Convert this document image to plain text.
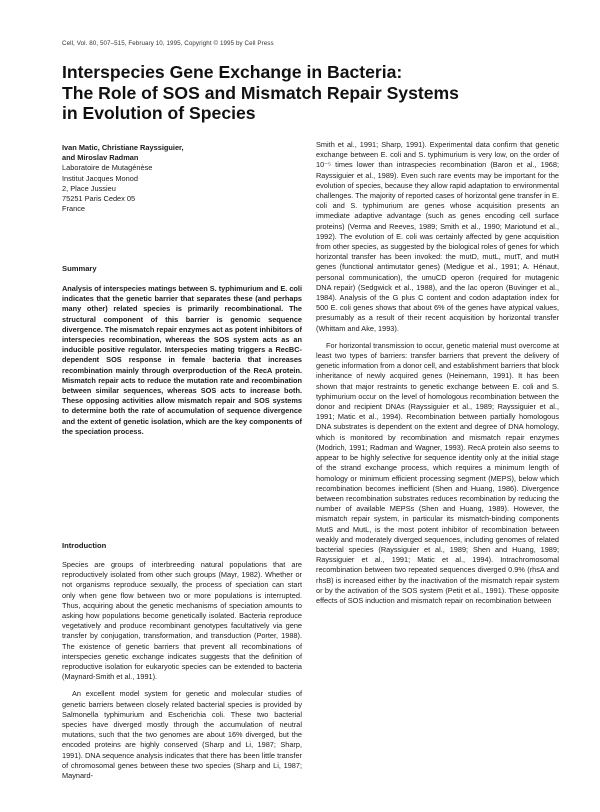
Cell, Vol. 80, 507–515, February 10, 1995, Copyright © 1995 by Cell Press
Interspecies Gene Exchange in Bacteria:
The Role of SOS and Mismatch Repair Systems
in Evolution of Species
Ivan Matic, Christiane Rayssiguier,
and Miroslav Radman
Laboratoire de Mutagénèse
Institut Jacques Monod
2, Place Jussieu
75251 Paris Cedex 05
France
Summary

Analysis of interspecies matings between S. typhimurium and E. coli indicates that the genetic barrier that separates these (and perhaps many other) related species is primarily recombinational. The structural component of this barrier is genomic sequence divergence. The mismatch repair enzymes act as potent inhibitors of interspecies recombination, whereas the SOS system acts as an inducible positive regulator. Interspecies mating triggers a RecBC-dependent SOS response in female bacteria that increases recombination mainly through overproduction of the RecA protein. Mismatch repair acts to reduce the mutation rate and recombination between similar sequences, whereas SOS acts to increase both. These opposing activities allow mismatch repair and SOS systems to determine both the rate of accumulation of sequence divergence and the extent of genetic isolation, which are the key components of the speciation process.

Introduction

Species are groups of interbreeding natural populations that are reproductively isolated from other such groups (Mayr, 1982). Whether or not organisms reproduce sexually, the process of speciation can start only when gene flow between two or more populations is interrupted. Thus, acquiring about the genetic mechanisms of speciation amounts to asking how populations become genetically isolated. Bacteria reproduce vegetatively and produce recombinant genotypes facultatively via gene transfer by conjugation, transformation, and transduction (Porter, 1988). The existence of genetic barriers that prevent all recombinations of interspecies genetic exchange indicates suggests that the definition of reproductive isolation for eukaryotic species can be extended to bacteria (Maynard-Smith et al., 1991).

An excellent model system for genetic and molecular studies of genetic barriers between closely related bacterial species is provided by Salmonella typhimurium and Escherichia coli. These two bacterial species have diverged mostly through the accumulation of neutral mutations, such that the two genomes are about 16% diverged, but the encoded proteins are highly conserved (Sharp and Li, 1987; Sharp, 1991). DNA sequence analysis indicates that there has been little transfer of chromosomal genes between these two species (Sharp and Li, 1987; Maynard-

Smith et al., 1991; Sharp, 1991). Experimental data confirm that genetic exchange between E. coli and S. typhimurium is very low, on the order of 10⁻⁵ times lower than intraspecies recombination (Baron et al., 1968; Rayssiguier et al., 1989). Even such rare events may be important for the evolution of species, because they allow rapid adaptation to environmental challenges. The majority of reported cases of horizontal gene transfer in E. coli and S. typhimurium are genes whose acquisition presents an immediate adaptive advantage (such as genes encoding cell surface proteins) (Verma and Reeves, 1989; Smith et al., 1990; Mariotund et al., 1992). The evolution of E. coli was certainly affected by gene acquisition from other species, as suggested by the biological roles of genes for which horizontal transfer has been invoked: the mutD, mutL, mutT, and mutH genes (functional antimutator genes) (Medigue et al., 1991; A. Hénaut, personal communication), the umuCD operon (required for mutagenic DNA repair) (Sedgwick et al., 1988), and the lac operon (Buvinger et al., 1984). Analysis of the G plus C content and codon adaptation index for 500 E. coli genes shows that about 6% of the genes have atypical values, presumably as a result of their recent acquisition by horizontal transfer (Whittam and Ake, 1993).

For horizontal transmission to occur, genetic material must overcome at least two types of barriers: transfer barriers that prevent the delivery of genetic information from a donor cell, and establishment barriers that block inheritance of newly acquired genes (Heinemann, 1991). It has been shown that major restraints to genetic exchange between E. coli and S. typhimurium occur on the level of homologous recombination between the donor and recipient DNAs (Rayssiguier et al., 1989; Rayssiguier et al., 1991; Matic et al., 1994). Recombination between partially homologous DNA substrates is dependent on the extent and degree of DNA homology, which is monitored by recombination and mismatch repair enzymes (Modrich, 1991; Radman and Wagner, 1993). RecA protein also seems to appear to be highly selective for sequence identity only at the initial stage of the strand exchange process, which requires a minimum length of homology or minimum efficient processing segment (MEPS), below which recombination becomes inefficient (Shen and Huang, 1986). Divergence between recombination substrates reduces recombination by reducing the number of available MEPSs (Shen and Huang, 1989). However, the mismatch repair system, in particular its mismatch-binding components MutS and MutL, is the most potent inhibitor of recombination between weakly and moderately diverged sequences, including genomes of related bacterial species (Rayssiguier et al., 1989; Shen and Huang, 1989; Rayssiguier et al., 1991; Matic et al., 1994). Intrachromosomal recombination between two repeated sequences diverged 0.9% (rhsA and rhsB) is increased either by the inactivation of the mismatch repair system or by the activation of the SOS system (Petit et al., 1991). These opposite effects of SOS induction and mismatch repair on recombination between
